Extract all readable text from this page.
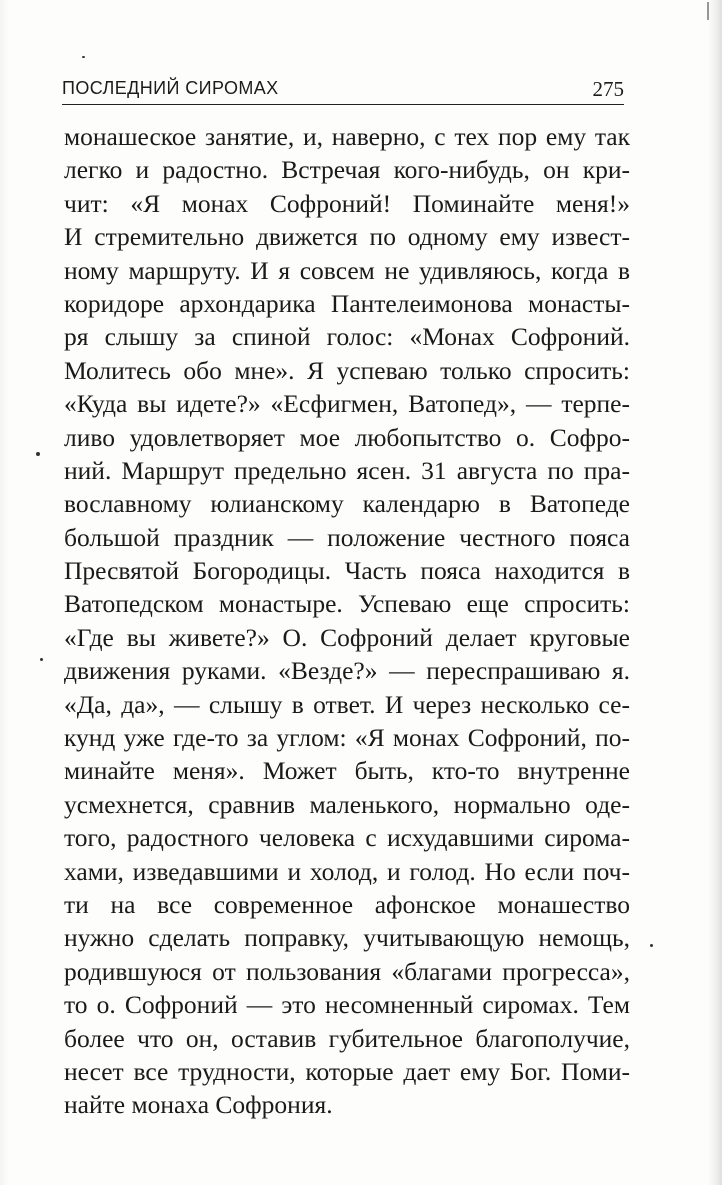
ПОСЛЕДНИЙ СИРОМАХ	275
монашеское занятие, и, наверно, с тех пор ему так
легко и радостно. Встречая кого-нибудь, он кри-
чит: «Я монах Софроний! Поминайте меня!»
И стремительно движется по одному ему извест-
ному маршруту. И я совсем не удивляюсь, когда в
коридоре архондарика Пантелеимонова монасты-
ря слышу за спиной голос: «Монах Софроний.
Молитесь обо мне». Я успеваю только спросить:
«Куда вы идете?» «Есфигмен, Ватопед», — терпе-
ливо удовлетворяет мое любопытство о. Софро-
ний. Маршрут предельно ясен. 31 августа по пра-
вославному юлианскому календарю в Ватопеде
большой праздник — положение честного пояса
Пресвятой Богородицы. Часть пояса находится в
Ватопедском монастыре. Успеваю еще спросить:
«Где вы живете?» О. Софроний делает круговые
движения руками. «Везде?» — переспрашиваю я.
«Да, да», — слышу в ответ. И через несколько се-
кунд уже где-то за углом: «Я монах Софроний, по-
минайте меня». Может быть, кто-то внутренне
усмехнется, сравнив маленького, нормально оде-
того, радостного человека с исхудавшими сирома-
хами, изведавшими и холод, и голод. Но если поч-
ти на все современное афонское монашество
нужно сделать поправку, учитывающую немощь,
родившуюся от пользования «благами прогресса»,
то о. Софроний — это несомненный сиромах. Тем
более что он, оставив губительное благополучие,
несет все трудности, которые дает ему Бог. Поми-
найте монаха Софрония.
